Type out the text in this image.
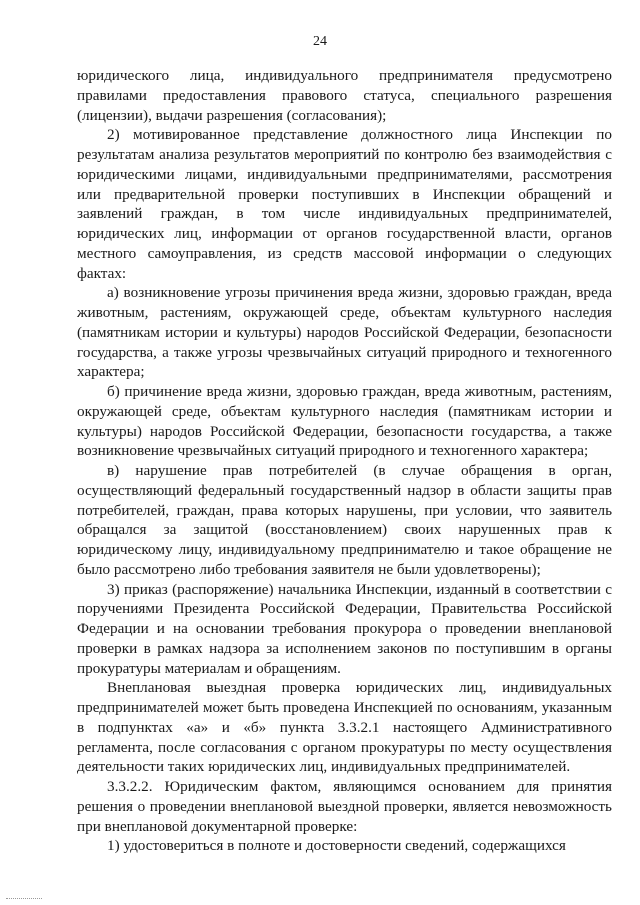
24

юридического лица, индивидуального предпринимателя предусмотрено правилами предоставления правового статуса, специального разрешения (лицензии), выдачи разрешения (согласования);

2) мотивированное представление должностного лица Инспекции по результатам анализа результатов мероприятий по контролю без взаимодействия с юридическими лицами, индивидуальными предпринимателями, рассмотрения или предварительной проверки поступивших в Инспекции обращений и заявлений граждан, в том числе индивидуальных предпринимателей, юридических лиц, информации от органов государственной власти, органов местного самоуправления, из средств массовой информации о следующих фактах:

а) возникновение угрозы причинения вреда жизни, здоровью граждан, вреда животным, растениям, окружающей среде, объектам культурного наследия (памятникам истории и культуры) народов Российской Федерации, безопасности государства, а также угрозы чрезвычайных ситуаций природного и техногенного характера;

б) причинение вреда жизни, здоровью граждан, вреда животным, растениям, окружающей среде, объектам культурного наследия (памятникам истории и культуры) народов Российской Федерации, безопасности государства, а также возникновение чрезвычайных ситуаций природного и техногенного характера;

в) нарушение прав потребителей (в случае обращения в орган, осуществляющий федеральный государственный надзор в области защиты прав потребителей, граждан, права которых нарушены, при условии, что заявитель обращался за защитой (восстановлением) своих нарушенных прав к юридическому лицу, индивидуальному предпринимателю и такое обращение не было рассмотрено либо требования заявителя не были удовлетворены);

3) приказ (распоряжение) начальника Инспекции, изданный в соответствии с поручениями Президента Российской Федерации, Правительства Российской Федерации и на основании требования прокурора о проведении внеплановой проверки в рамках надзора за исполнением законов по поступившим в органы прокуратуры материалам и обращениям.

Внеплановая выездная проверка юридических лиц, индивидуальных предпринимателей может быть проведена Инспекцией по основаниям, указанным в подпунктах «а» и «б» пункта 3.3.2.1 настоящего Административного регламента, после согласования с органом прокуратуры по месту осуществления деятельности таких юридических лиц, индивидуальных предпринимателей.

3.3.2.2. Юридическим фактом, являющимся основанием для принятия решения о проведении внеплановой выездной проверки, является невозможность при внеплановой документарной проверке:

1) удостовериться в полноте и достоверности сведений, содержащихся
